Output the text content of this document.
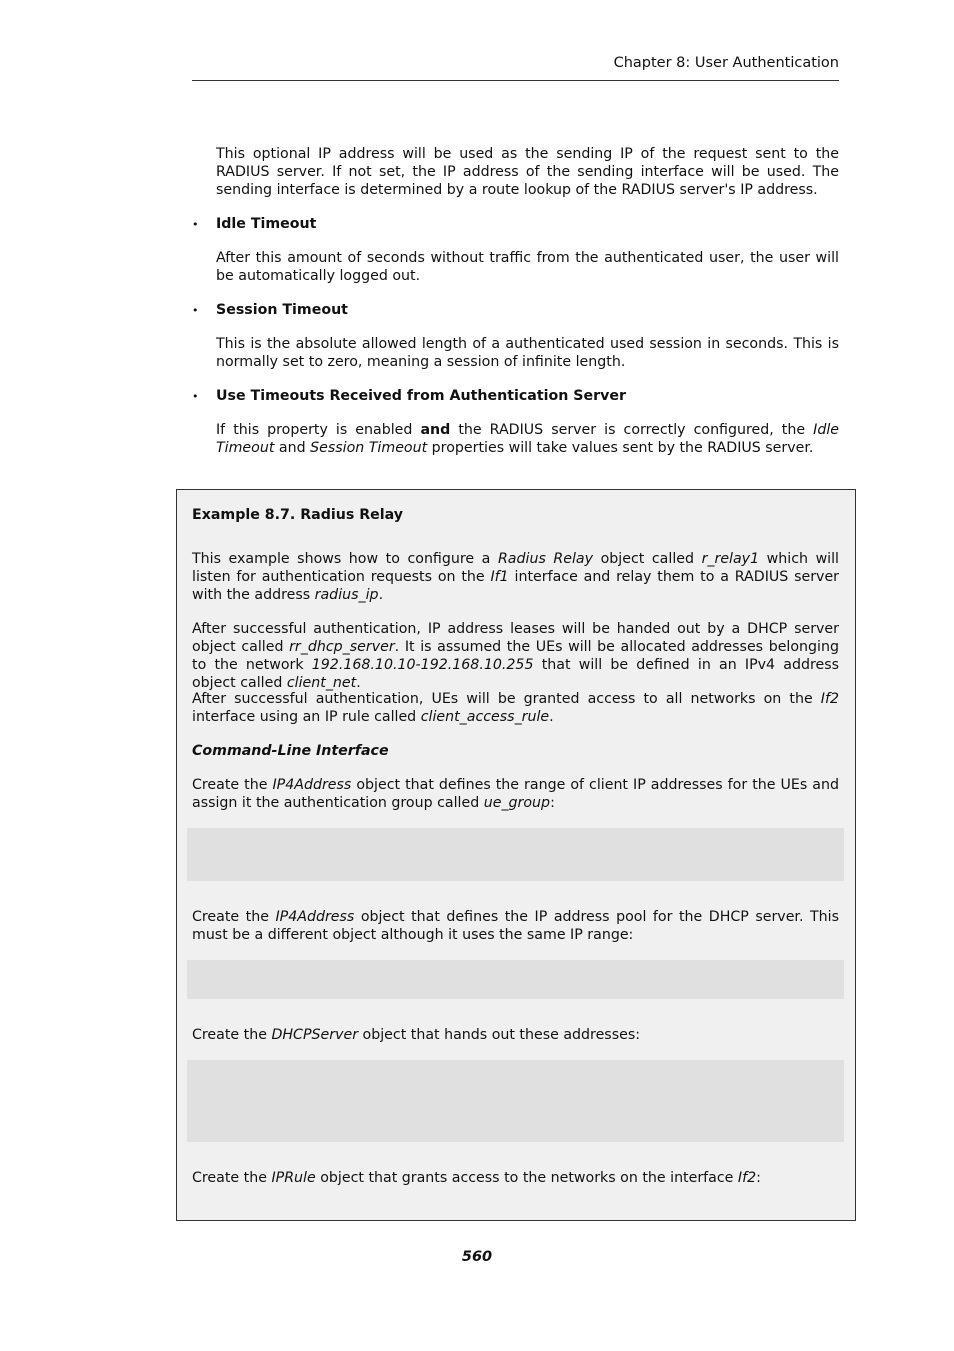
Chapter 8: User Authentication

This optional IP address will be used as the sending IP of the request sent to the RADIUS server. If not set, the IP address of the sending interface will be used. The sending interface is determined by a route lookup of the RADIUS server's IP address.

• Idle Timeout

After this amount of seconds without traffic from the authenticated user, the user will be automatically logged out.

• Session Timeout

This is the absolute allowed length of a authenticated used session in seconds. This is normally set to zero, meaning a session of infinite length.

• Use Timeouts Received from Authentication Server

If this property is enabled and the RADIUS server is correctly configured, the Idle Timeout and Session Timeout properties will take values sent by the RADIUS server.

Example 8.7. Radius Relay

This example shows how to configure a Radius Relay object called r_relay1 which will listen for authentication requests on the If1 interface and relay them to a RADIUS server with the address radius_ip.

After successful authentication, IP address leases will be handed out by a DHCP server object called rr_dhcp_server. It is assumed the UEs will be allocated addresses belonging to the network 192.168.10.10-192.168.10.255 that will be defined in an IPv4 address object called client_net.

After successful authentication, UEs will be granted access to all networks on the If2 interface using an IP rule called client_access_rule.

Command-Line Interface

Create the IP4Address object that defines the range of client IP addresses for the UEs and assign it the authentication group called ue_group:

Create the IP4Address object that defines the IP address pool for the DHCP server. This must be a different object although it uses the same IP range:

Create the DHCPServer object that hands out these addresses:

Create the IPRule object that grants access to the networks on the interface If2:

560
